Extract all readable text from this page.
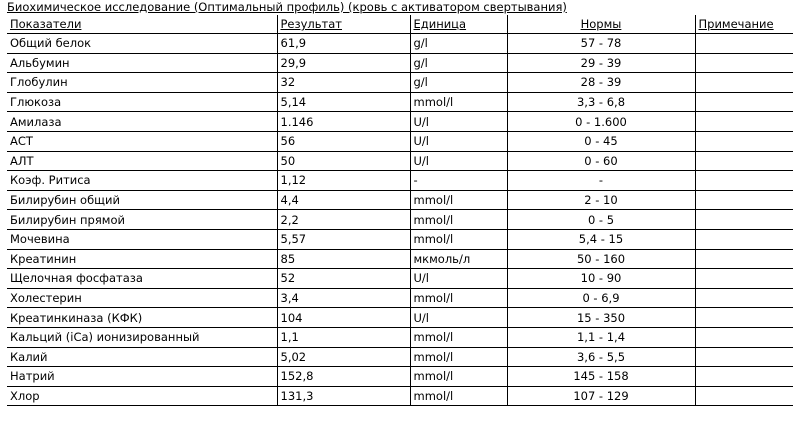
Биохимическое исследование (Оптимальный профиль) (кровь с активатором свертывания)
Показатели	Результат	Единица	Нормы	Примечание
Общий белок	61,9	g/l	57 - 78	
Альбумин	29,9	g/l	29 - 39	
Глобулин	32	g/l	28 - 39	
Глюкоза	5,14	mmol/l	3,3 - 6,8	
Амилаза	1.146	U/l	0 - 1.600	
АСТ	56	U/l	0 - 45	
АЛТ	50	U/l	0 - 60	
Коэф. Ритиса	1,12	-	-	
Билирубин общий	4,4	mmol/l	2 - 10	
Билирубин прямой	2,2	mmol/l	0 - 5	
Мочевина	5,57	mmol/l	5,4 - 15	
Креатинин	85	мкмоль/л	50 - 160	
Щелочная фосфатаза	52	U/l	10 - 90	
Холестерин	3,4	mmol/l	0 - 6,9	
Креатинкиназа (КФК)	104	U/l	15 - 350	
Кальций (iCa) ионизированный	1,1	mmol/l	1,1 - 1,4	
Калий	5,02	mmol/l	3,6 - 5,5	
Натрий	152,8	mmol/l	145 - 158	
Хлор	131,3	mmol/l	107 - 129	
